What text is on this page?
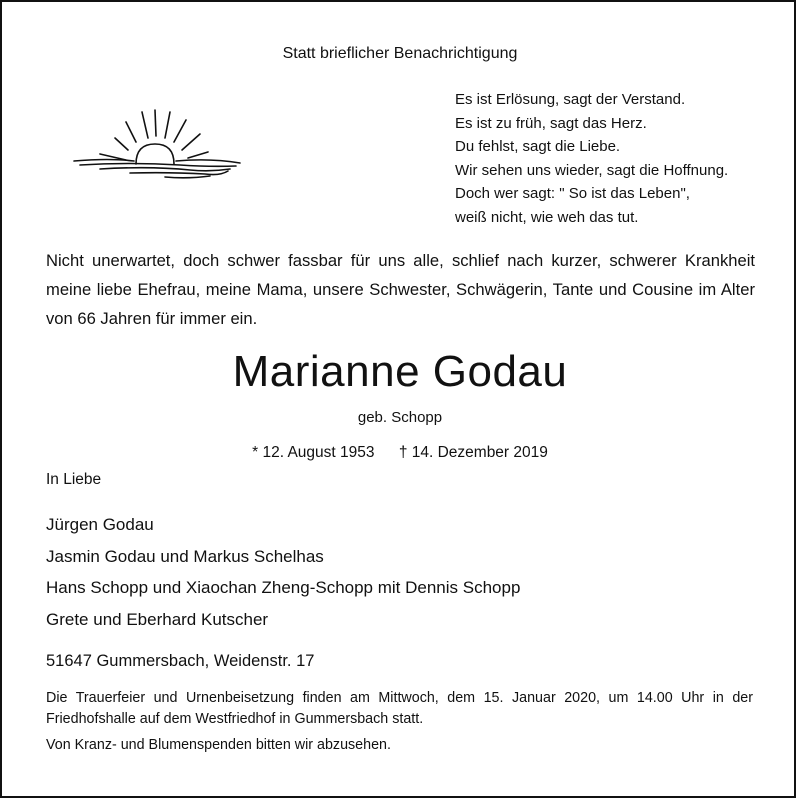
Statt brieflicher Benachrichtigung
Es ist Erlösung, sagt der Verstand.
Es ist zu früh, sagt das Herz.
Du fehlst, sagt die Liebe.
Wir sehen uns wieder, sagt die Hoffnung.
Doch wer sagt: " So ist das Leben",
weiß nicht, wie weh das tut.
Nicht unerwartet, doch schwer fassbar für uns alle, schlief nach kurzer, schwerer Krankheit meine liebe Ehefrau, meine Mama, unsere Schwester, Schwägerin, Tante und Cousine im Alter von 66 Jahren für immer ein.
Marianne Godau
geb. Schopp
* 12. August 1953 † 14. Dezember 2019
In Liebe
Jürgen Godau
Jasmin Godau und Markus Schelhas
Hans Schopp und Xiaochan Zheng-Schopp mit Dennis Schopp
Grete und Eberhard Kutscher
51647 Gummersbach, Weidenstr. 17
Die Trauerfeier und Urnenbeisetzung finden am Mittwoch, dem 15. Januar 2020, um 14.00 Uhr in der Friedhofshalle auf dem Westfriedhof in Gummersbach statt.
Von Kranz- und Blumenspenden bitten wir abzusehen.
